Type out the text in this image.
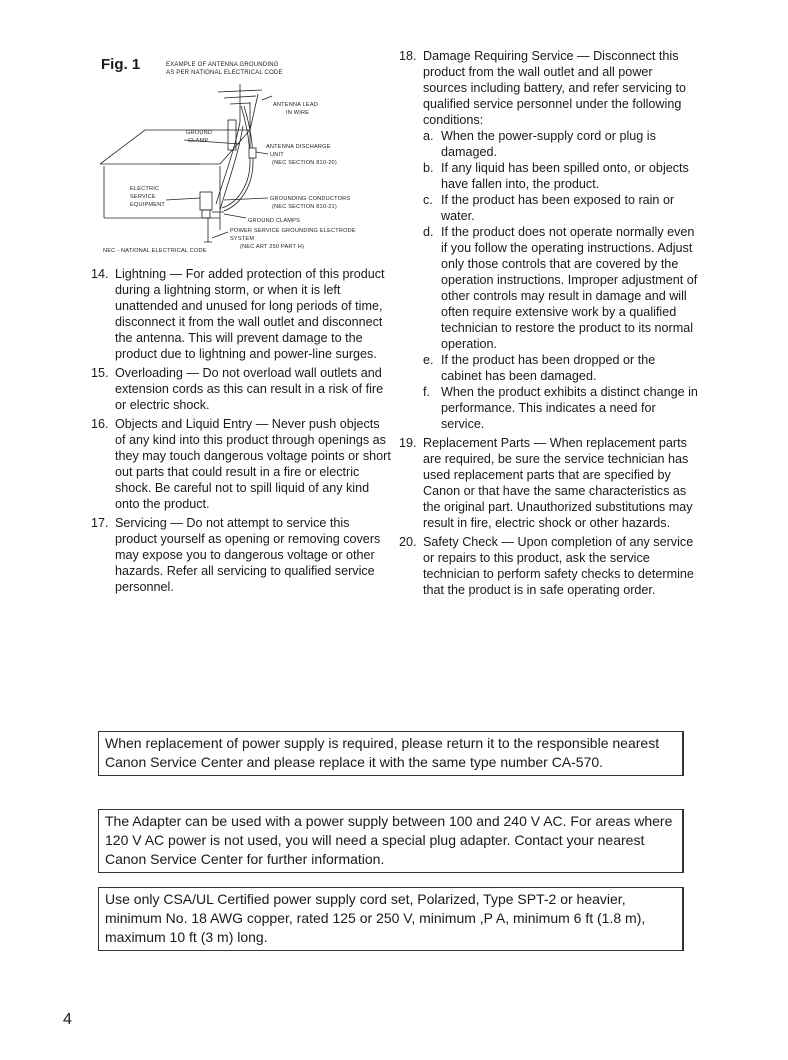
Fig. 1	EXAMPLE OF ANTENNA GROUNDING
AS PER NATIONAL ELECTRICAL CODE
ANTENNA LEAD
IN WIRE
GROUND
CLAMP
ANTENNA DISCHARGE
UNIT
(NEC SECTION 810-20)
ELECTRIC
SERVICE
EQUIPMENT
GROUNDING CONDUCTORS
(NEC SECTION 810-21)
GROUND CLAMPS
POWER SERVICE GROUNDING ELECTRODE
SYSTEM
(NEC ART 250 PART H)
NEC - NATIONAL ELECTRICAL CODE
14. Lightning — For added protection of this product during a lightning storm, or when it is left unattended and unused for long periods of time, disconnect it from the wall outlet and disconnect the antenna. This will prevent damage to the product due to lightning and power-line surges.

15. Overloading — Do not overload wall outlets and extension cords as this can result in a risk of fire or electric shock.

16. Objects and Liquid Entry — Never push objects of any kind into this product through openings as they may touch dangerous voltage points or short out parts that could result in a fire or electric shock. Be careful not to spill liquid of any kind onto the product.

17. Servicing — Do not attempt to service this product yourself as opening or removing covers may expose you to dangerous voltage or other hazards. Refer all servicing to qualified service personnel.

18. Damage Requiring Service — Disconnect this product from the wall outlet and all power sources including battery, and refer servicing to qualified service personnel under the following conditions:

a. When the power-supply cord or plug is damaged.

b. If any liquid has been spilled onto, or objects have fallen into, the product.

c. If the product has been exposed to rain or water.

d. If the product does not operate normally even if you follow the operating instructions. Adjust only those controls that are covered by the operation instructions. Improper adjustment of other controls may result in damage and will often require extensive work by a qualified technician to restore the product to its normal operation.

e. If the product has been dropped or the cabinet has been damaged.

f. When the product exhibits a distinct change in performance. This indicates a need for service.

19. Replacement Parts — When replacement parts are required, be sure the service technician has used replacement parts that are specified by Canon or that have the same characteristics as the original part. Unauthorized substitutions may result in fire, electric shock or other hazards.

20. Safety Check — Upon completion of any service or repairs to this product, ask the service technician to perform safety checks to determine that the product is in safe operating order.

When replacement of power supply is required, please return it to the responsible nearest Canon Service Center and please replace it with the same type number CA-570.
The Adapter can be used with a power supply between 100 and 240 V AC. For areas where 120 V AC power is not used, you will need a special plug adapter. Contact your nearest Canon Service Center for further information.
Use only CSA/UL Certified power supply cord set, Polarized, Type SPT-2 or heavier, minimum No. 18 AWG copper, rated 125 or 250 V, minimum ,P A, minimum 6 ft (1.8 m), maximum 10 ft (3 m) long.
4
